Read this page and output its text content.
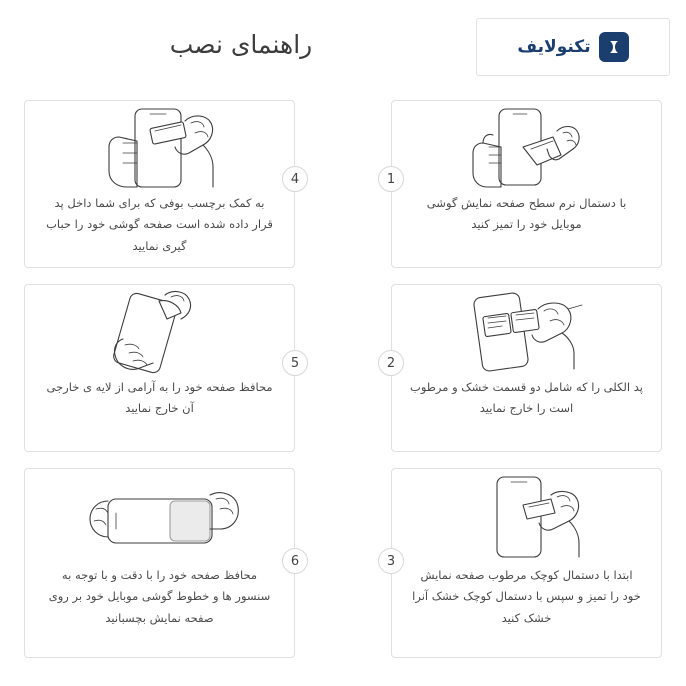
تکنولایف
راهنمای نصب
با دستمال نرم سطح صفحه نمایش گوشی موبایل خود را تمیز کنید
1
پد الکلی را که شامل دو قسمت خشک و مرطوب است را خارج نمایید
2
ابتدا با دستمال کوچک مرطوب صفحه نمایش خود را تمیز و سپس با دستمال کوچک خشک آنرا خشک کنید
3
به کمک برچسب بوفی که برای شما داخل پد قرار داده شده است صفحه گوشی خود را حباب گیری نمایید
4
محافظ صفحه خود را به آرامی از لایه ی خارجی آن خارج نمایید
5
محافظ صفحه خود را با دقت و با توجه به سنسور ها و خطوط گوشی موبایل خود بر روی صفحه نمایش بچسبانید
6
